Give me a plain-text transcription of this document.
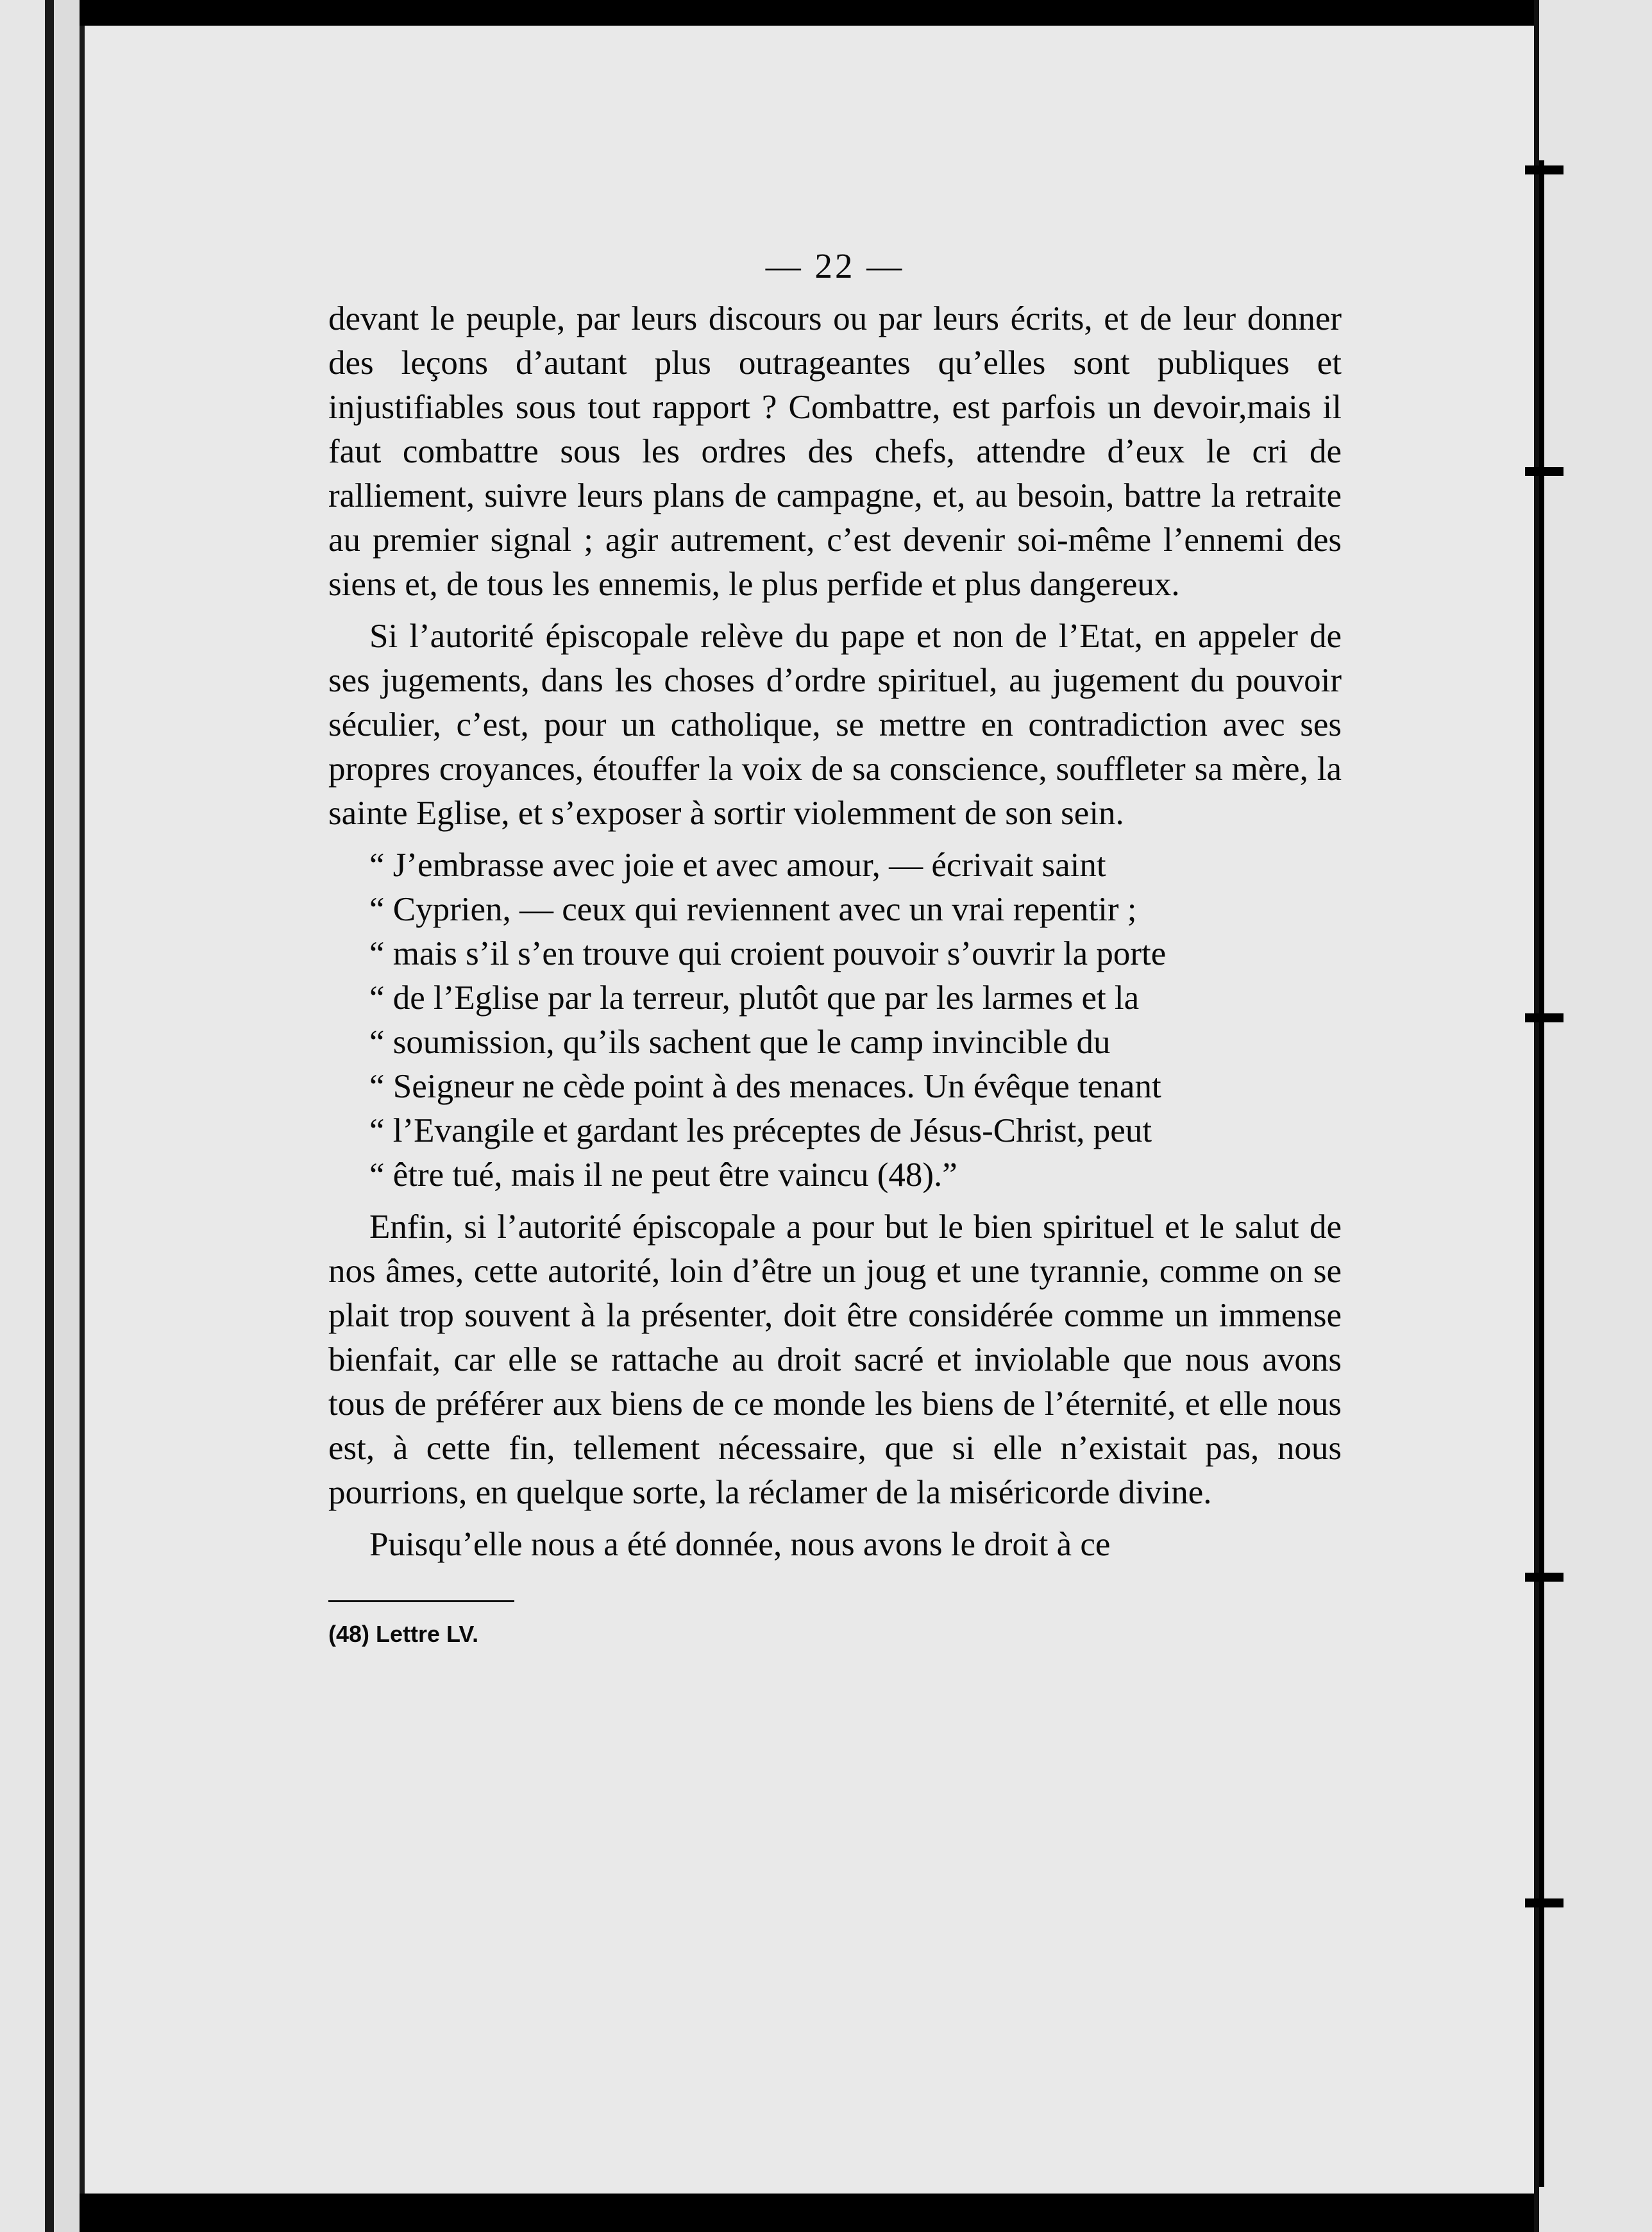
— 22 —

devant le peuple, par leurs discours ou par leurs écrits, et de leur donner des leçons d’autant plus outrageantes qu’elles sont publiques et injustifiables sous tout rapport ? Combattre, est parfois un devoir,mais il faut combattre sous les ordres des chefs, attendre d’eux le cri de ralliement, suivre leurs plans de campagne, et, au besoin, battre la retraite au premier signal ; agir autrement, c’est devenir soi-même l’ennemi des siens et, de tous les ennemis, le plus perfide et plus dangereux.

Si l’autorité épiscopale relève du pape et non de l’Etat, en appeler de ses jugements, dans les choses d’ordre spirituel, au jugement du pouvoir séculier, c’est, pour un catholique, se mettre en contradiction avec ses propres croyances, étouffer la voix de sa conscience, souffleter sa mère, la sainte Eglise, et s’exposer à sortir violemment de son sein.

“ J’embrasse avec joie et avec amour, — écrivait saint

“ Cyprien, — ceux qui reviennent avec un vrai repentir ;

“ mais s’il s’en trouve qui croient pouvoir s’ouvrir la porte

“ de l’Eglise par la terreur, plutôt que par les larmes et la

“ soumission, qu’ils sachent que le camp invincible du

“ Seigneur ne cède point à des menaces. Un évêque tenant

“ l’Evangile et gardant les préceptes de Jésus-Christ, peut

“ être tué, mais il ne peut être vaincu (48).”

Enfin, si l’autorité épiscopale a pour but le bien spirituel et le salut de nos âmes, cette autorité, loin d’être un joug et une tyrannie, comme on se plait trop souvent à la présenter, doit être considérée comme un immense bienfait, car elle se rattache au droit sacré et inviolable que nous avons tous de préférer aux biens de ce monde les biens de l’éternité, et elle nous est, à cette fin, tellement nécessaire, que si elle n’existait pas, nous pourrions, en quelque sorte, la réclamer de la miséricorde divine.

Puisqu’elle nous a été donnée, nous avons le droit à ce

(48) Lettre LV.
